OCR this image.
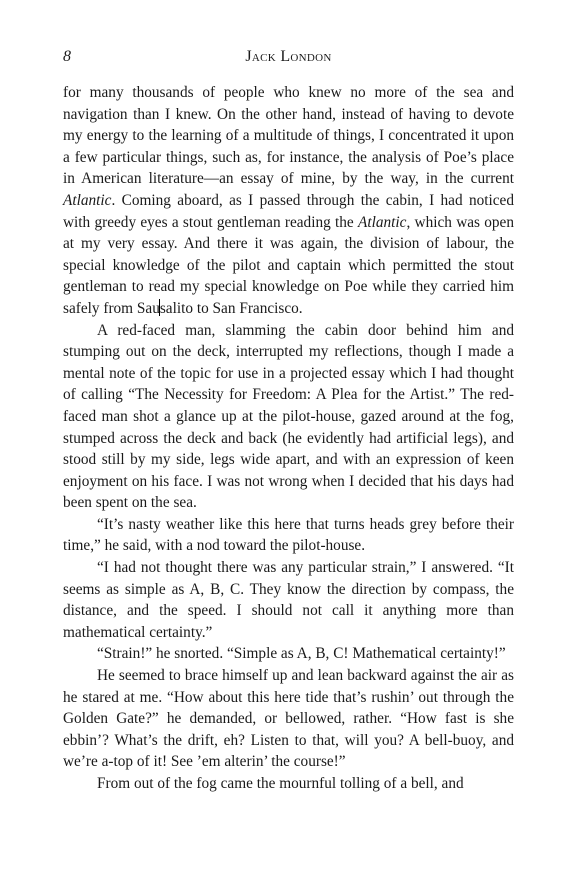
8	Jack London

for many thousands of people who knew no more of the sea and navigation than I knew. On the other hand, instead of having to devote my energy to the learning of a multitude of things, I concentrated it upon a few particular things, such as, for instance, the analysis of Poe’s place in American literature—an essay of mine, by the way, in the current Atlantic. Coming aboard, as I passed through the cabin, I had noticed with greedy eyes a stout gentleman reading the Atlantic, which was open at my very essay. And there it was again, the division of labour, the special knowledge of the pilot and captain which permitted the stout gentleman to read my special knowledge on Poe while they carried him safely from Sausalito to San Francisco.

A red-faced man, slamming the cabin door behind him and stumping out on the deck, interrupted my reflections, though I made a mental note of the topic for use in a projected essay which I had thought of calling “The Necessity for Freedom: A Plea for the Artist.” The red-faced man shot a glance up at the pilot-house, gazed around at the fog, stumped across the deck and back (he evidently had artificial legs), and stood still by my side, legs wide apart, and with an expression of keen enjoyment on his face. I was not wrong when I decided that his days had been spent on the sea.

“It’s nasty weather like this here that turns heads grey before their time,” he said, with a nod toward the pilot-house.

“I had not thought there was any particular strain,” I answered. “It seems as simple as A, B, C. They know the direction by compass, the distance, and the speed. I should not call it anything more than mathematical certainty.”

“Strain!” he snorted. “Simple as A, B, C! Mathematical certainty!”

He seemed to brace himself up and lean backward against the air as he stared at me. “How about this here tide that’s rushin’ out through the Golden Gate?” he demanded, or bellowed, rather. “How fast is she ebbin’? What’s the drift, eh? Listen to that, will you? A bell-buoy, and we’re a-top of it! See ’em alterin’ the course!”

From out of the fog came the mournful tolling of a bell, and
